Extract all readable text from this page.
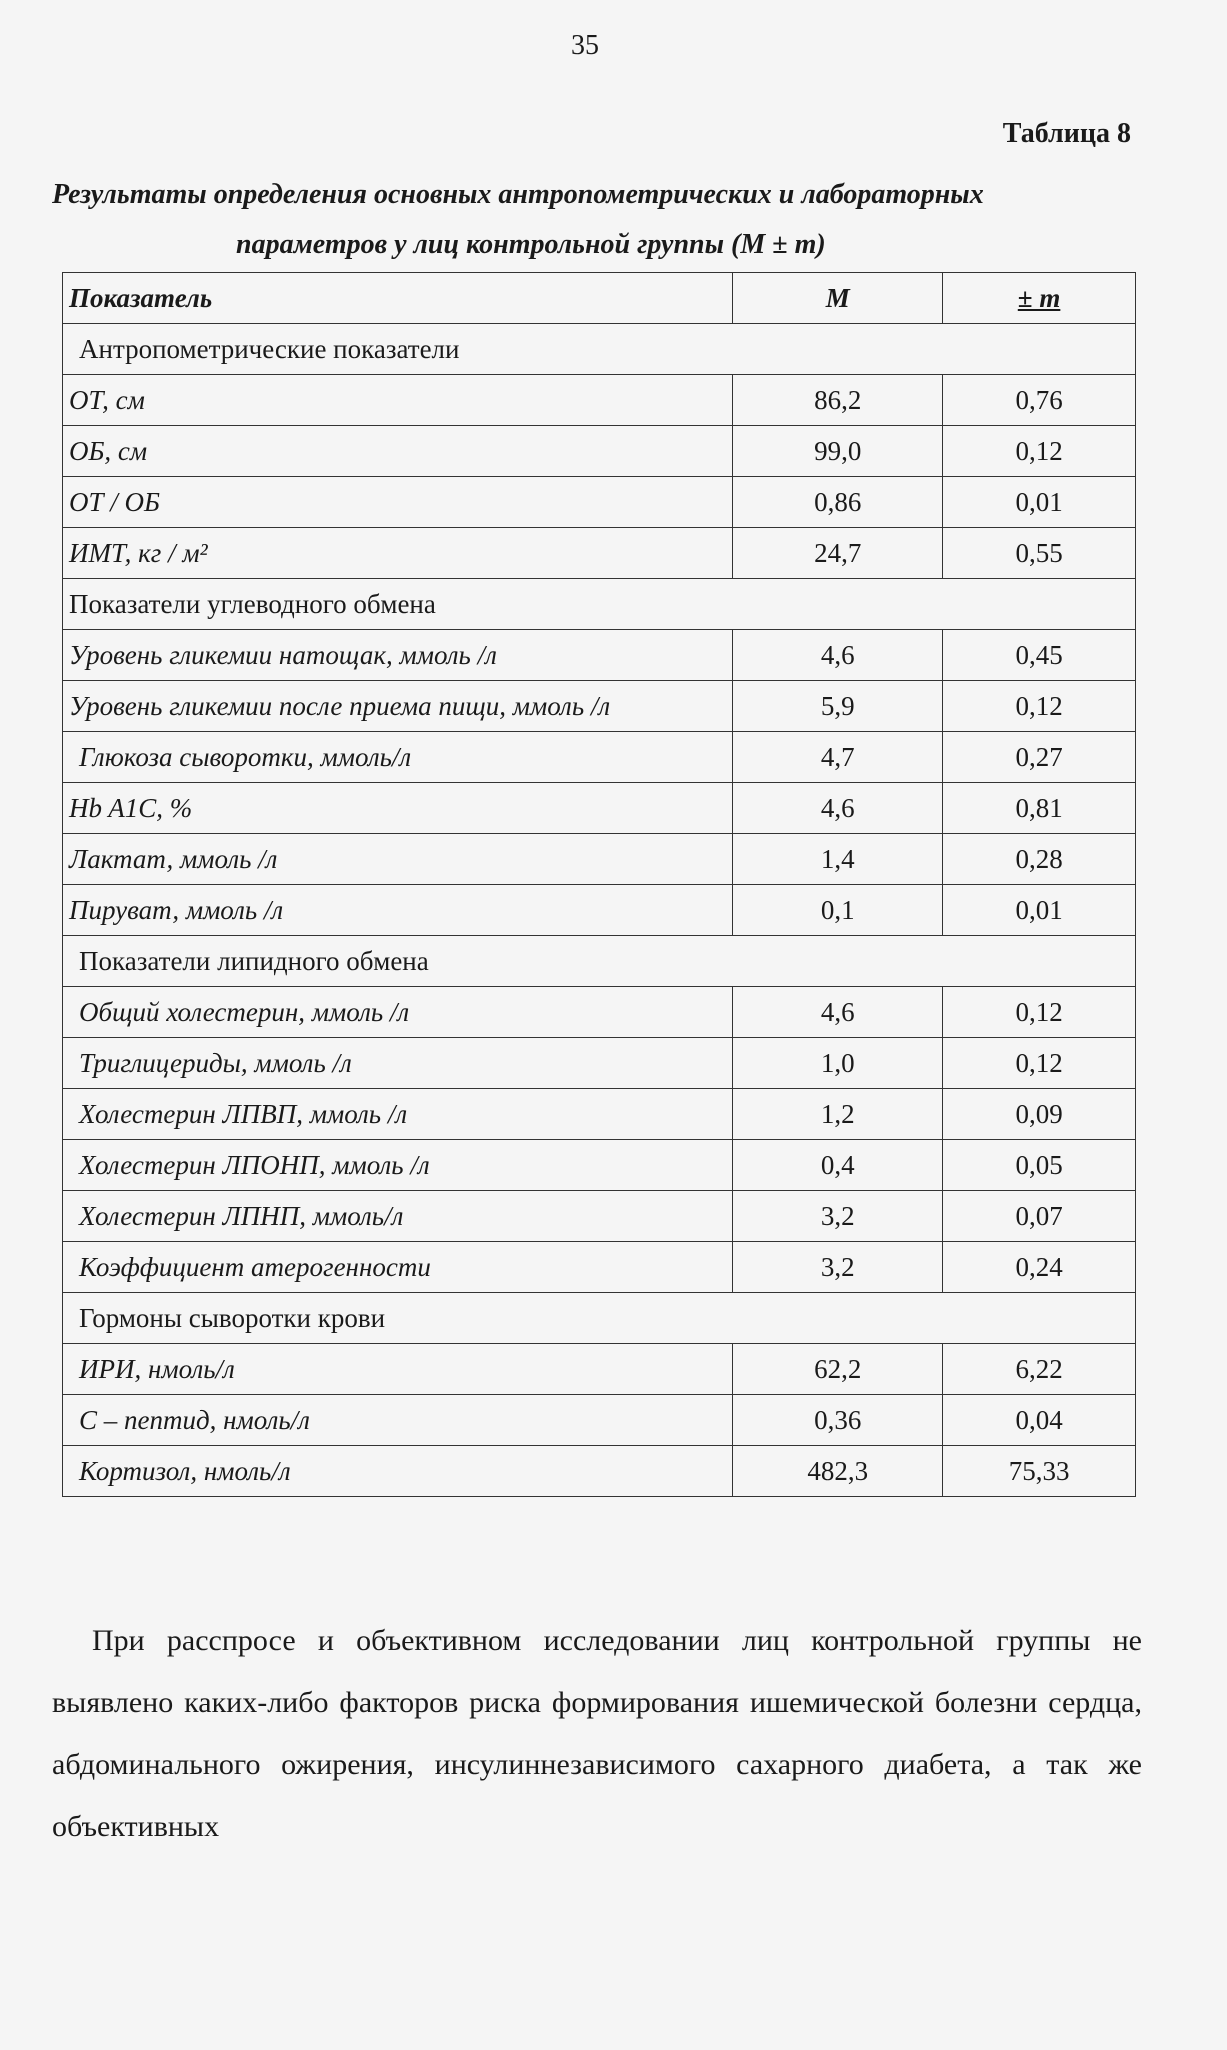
35
Таблица 8
Результаты определения основных антропометрических и лабораторных
параметров у лиц контрольной группы (М ± m)
Показатель	М	± m
Антропометрические показатели		
ОТ, см	86,2	0,76
ОБ, см	99,0	0,12
ОТ / ОБ	0,86	0,01
ИМТ, кг / м²	24,7	0,55
Показатели углеводного обмена		
Уровень гликемии натощак, ммоль /л	4,6	0,45
Уровень гликемии после приема пищи, ммоль /л	5,9	0,12
Глюкоза сыворотки, ммоль/л	4,7	0,27
Hb A1C, %	4,6	0,81
Лактат, ммоль /л	1,4	0,28
Пируват, ммоль /л	0,1	0,01
Показатели липидного обмена		
Общий холестерин, ммоль /л	4,6	0,12
Триглицериды, ммоль /л	1,0	0,12
Холестерин ЛПВП, ммоль /л	1,2	0,09
Холестерин ЛПОНП, ммоль /л	0,4	0,05
Холестерин ЛПНП, ммоль/л	3,2	0,07
Коэффициент атерогенности	3,2	0,24
Гормоны сыворотки крови		
ИРИ, нмоль/л	62,2	6,22
С – пептид, нмоль/л	0,36	0,04
Кортизол, нмоль/л	482,3	75,33

При расспросе и объективном исследовании лиц контрольной группы не выявлено каких-либо факторов риска формирования ишемической болезни сердца, абдоминального ожирения, инсулиннезависимого сахарного диабета, а так же объективных
